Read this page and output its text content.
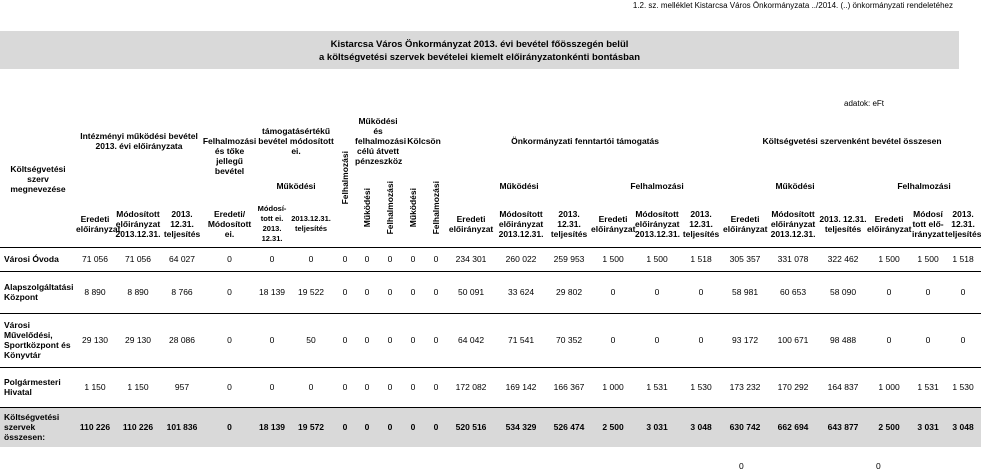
1.2. sz. melléklet Kistarcsa Város Önkormányzata ../2014. (..) önkormányzati rendeletéhez
Kistarcsa Város Önkormányzat 2013. évi bevétel főösszegén belül
a költségvetési szervek bevételei kiemelt előirányzatonkénti bontásban
adatok: eFt
Költségvetési szerv megnevezése	Intézményi működési bevétel 2013. évi előirányzata			Felhalmozási és tőke jellegű bevétel	támogatásértékű bevétel módosított ei.		Felhalmozási	Működési és felhalmozási célú átvett pénzeszköz		Kölcsön		Önkormányzati fenntartói támogatás						Költségvetési szervenként bevétel összesen					
					Működési			Működési	Felhalmozási	Működési	Felhalmozási	Működési			Felhalmozási			Működési			Felhalmozási		
	Eredeti előirányzat	Módosított előirányzat 2013.12.31.	2013. 12.31. teljesítés	Eredeti/ Módosított ei.	Módosí-tott ei. 2013. 12.31.	2013.12.31. teljesítés						Eredeti előirányzat	Módosított előirányzat 2013.12.31.	2013. 12.31. teljesítés	Eredeti előirányzat	Módosított előirányzat 2013.12.31.	2013. 12.31. teljesítés	Eredeti előirányzat	Módosított előirányzat 2013.12.31.	2013. 12.31. teljesítés	Eredeti előirányzat	Módosí tott elő-irányzat	2013. 12.31. teljesítés
Városi Óvoda	71 056	71 056	64 027	0	0	0	0	0	0	0	0	234 301	260 022	259 953	1 500	1 500	1 518	305 357	331 078	322 462	1 500	1 500	1 518
Alapszolgáltatási Központ	8 890	8 890	8 766	0	18 139	19 522	0	0	0	0	0	50 091	33 624	29 802	0	0	0	58 981	60 653	58 090	0	0	0
Városi Művelődési, Sportközpont és Könyvtár	29 130	29 130	28 086	0	0	50	0	0	0	0	0	64 042	71 541	70 352	0	0	0	93 172	100 671	98 488	0	0	0
Polgármesteri Hivatal	1 150	1 150	957	0	0	0	0	0	0	0	0	172 082	169 142	166 367	1 000	1 531	1 530	173 232	170 292	164 837	1 000	1 531	1 530
Költségvetési szervek összesen:	110 226	110 226	101 836	0	18 139	19 572	0	0	0	0	0	520 516	534 329	526 474	2 500	3 031	3 048	630 742	662 694	643 877	2 500	3 031	3 048
0	0
